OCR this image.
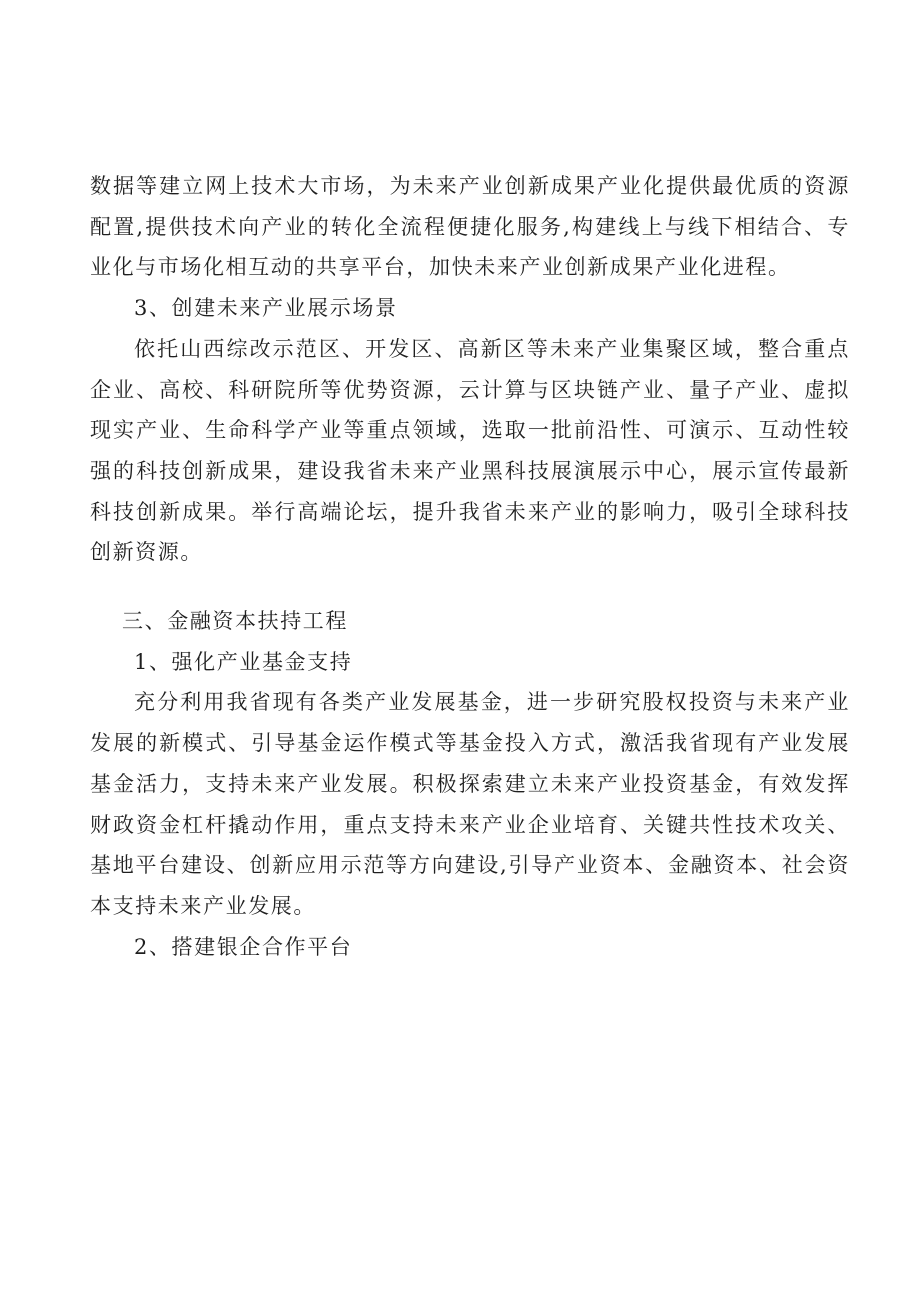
数据等建立网上技术大市场，为未来产业创新成果产业化提供最优质的资源配置,提供技术向产业的转化全流程便捷化服务,构建线上与线下相结合、专业化与市场化相互动的共享平台，加快未来产业创新成果产业化进程。

3、创建未来产业展示场景

依托山西综改示范区、开发区、高新区等未来产业集聚区域，整合重点企业、高校、科研院所等优势资源，云计算与区块链产业、量子产业、虚拟现实产业、生命科学产业等重点领域，选取一批前沿性、可演示、互动性较强的科技创新成果，建设我省未来产业黑科技展演展示中心，展示宣传最新科技创新成果。举行高端论坛，提升我省未来产业的影响力，吸引全球科技创新资源。

三、金融资本扶持工程

1、强化产业基金支持

充分利用我省现有各类产业发展基金，进一步研究股权投资与未来产业发展的新模式、引导基金运作模式等基金投入方式，激活我省现有产业发展基金活力，支持未来产业发展。积极探索建立未来产业投资基金，有效发挥财政资金杠杆撬动作用，重点支持未来产业企业培育、关键共性技术攻关、基地平台建设、创新应用示范等方向建设,引导产业资本、金融资本、社会资本支持未来产业发展。

2、搭建银企合作平台
